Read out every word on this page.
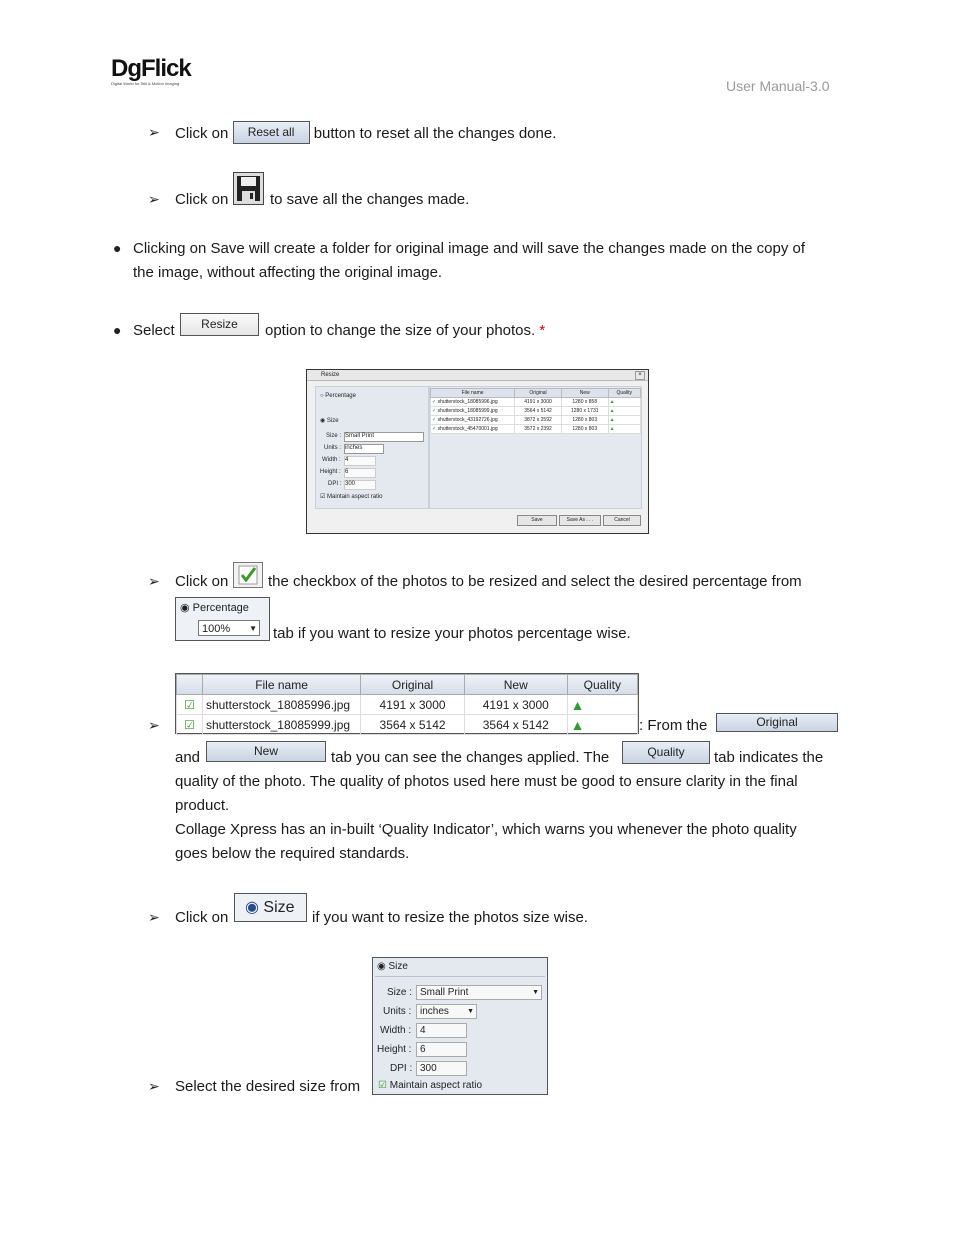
DgFlick
Digital World for Still & Motion Imaging	User Manual-3.0
➢ Click on Reset all button to reset all the changes done.
➢ Click on	to save all the changes made.
● Clicking on Save will create a folder for original image and will save the changes made on the copy of
the image, without affecting the original image.
● Select	Resize	option to change the size of your photos. *
Resize	×
○ Percentage
◉ Size
Size : Small Print
Units : inches
Width : 4
Height : 6
DPI : 300
☑ Maintain aspect ratio
File name	Original	New	Quality
✓ shutterstock_18085996.jpg	4191 x 3000	1280 x 858	▲
✓ shutterstock_18085999.jpg	3564 x 5142	1280 x 1731	▲
✓ shutterstock_43192726.jpg	3872 x 2592	1280 x 803	▲
✓ shutterstock_45470001.jpg	3572 x 2392	1280 x 803	▲
Save	Save As . . .	Cancel
➢ Click on	the checkbox of the photos to be resized and select the desired percentage from
◉ Percentage
100% ▼ tab if you want to resize your photos percentage wise.
	File name	Original	New	Quality
☑	shutterstock_18085996.jpg	4191 x 3000	4191 x 3000	▲
☑	shutterstock_18085999.jpg	3564 x 5142	3564 x 5142	▲
➢	: From the	Original
and	New	tab you can see the changes applied. The	Quality	tab indicates the
quality of the photo. The quality of photos used here must be good to ensure clarity in the final
product.
Collage Xpress has an in-built ‘Quality Indicator’, which warns you whenever the photo quality
goes below the required standards.
➢ Click on
◉ Size
if you want to resize the photos size wise.
➢ Select the desired size from
◉ Size
Size : Small Print	▼
Units : inches	▼
Width : 4
Height : 6
DPI : 300
☑ Maintain aspect ratio
